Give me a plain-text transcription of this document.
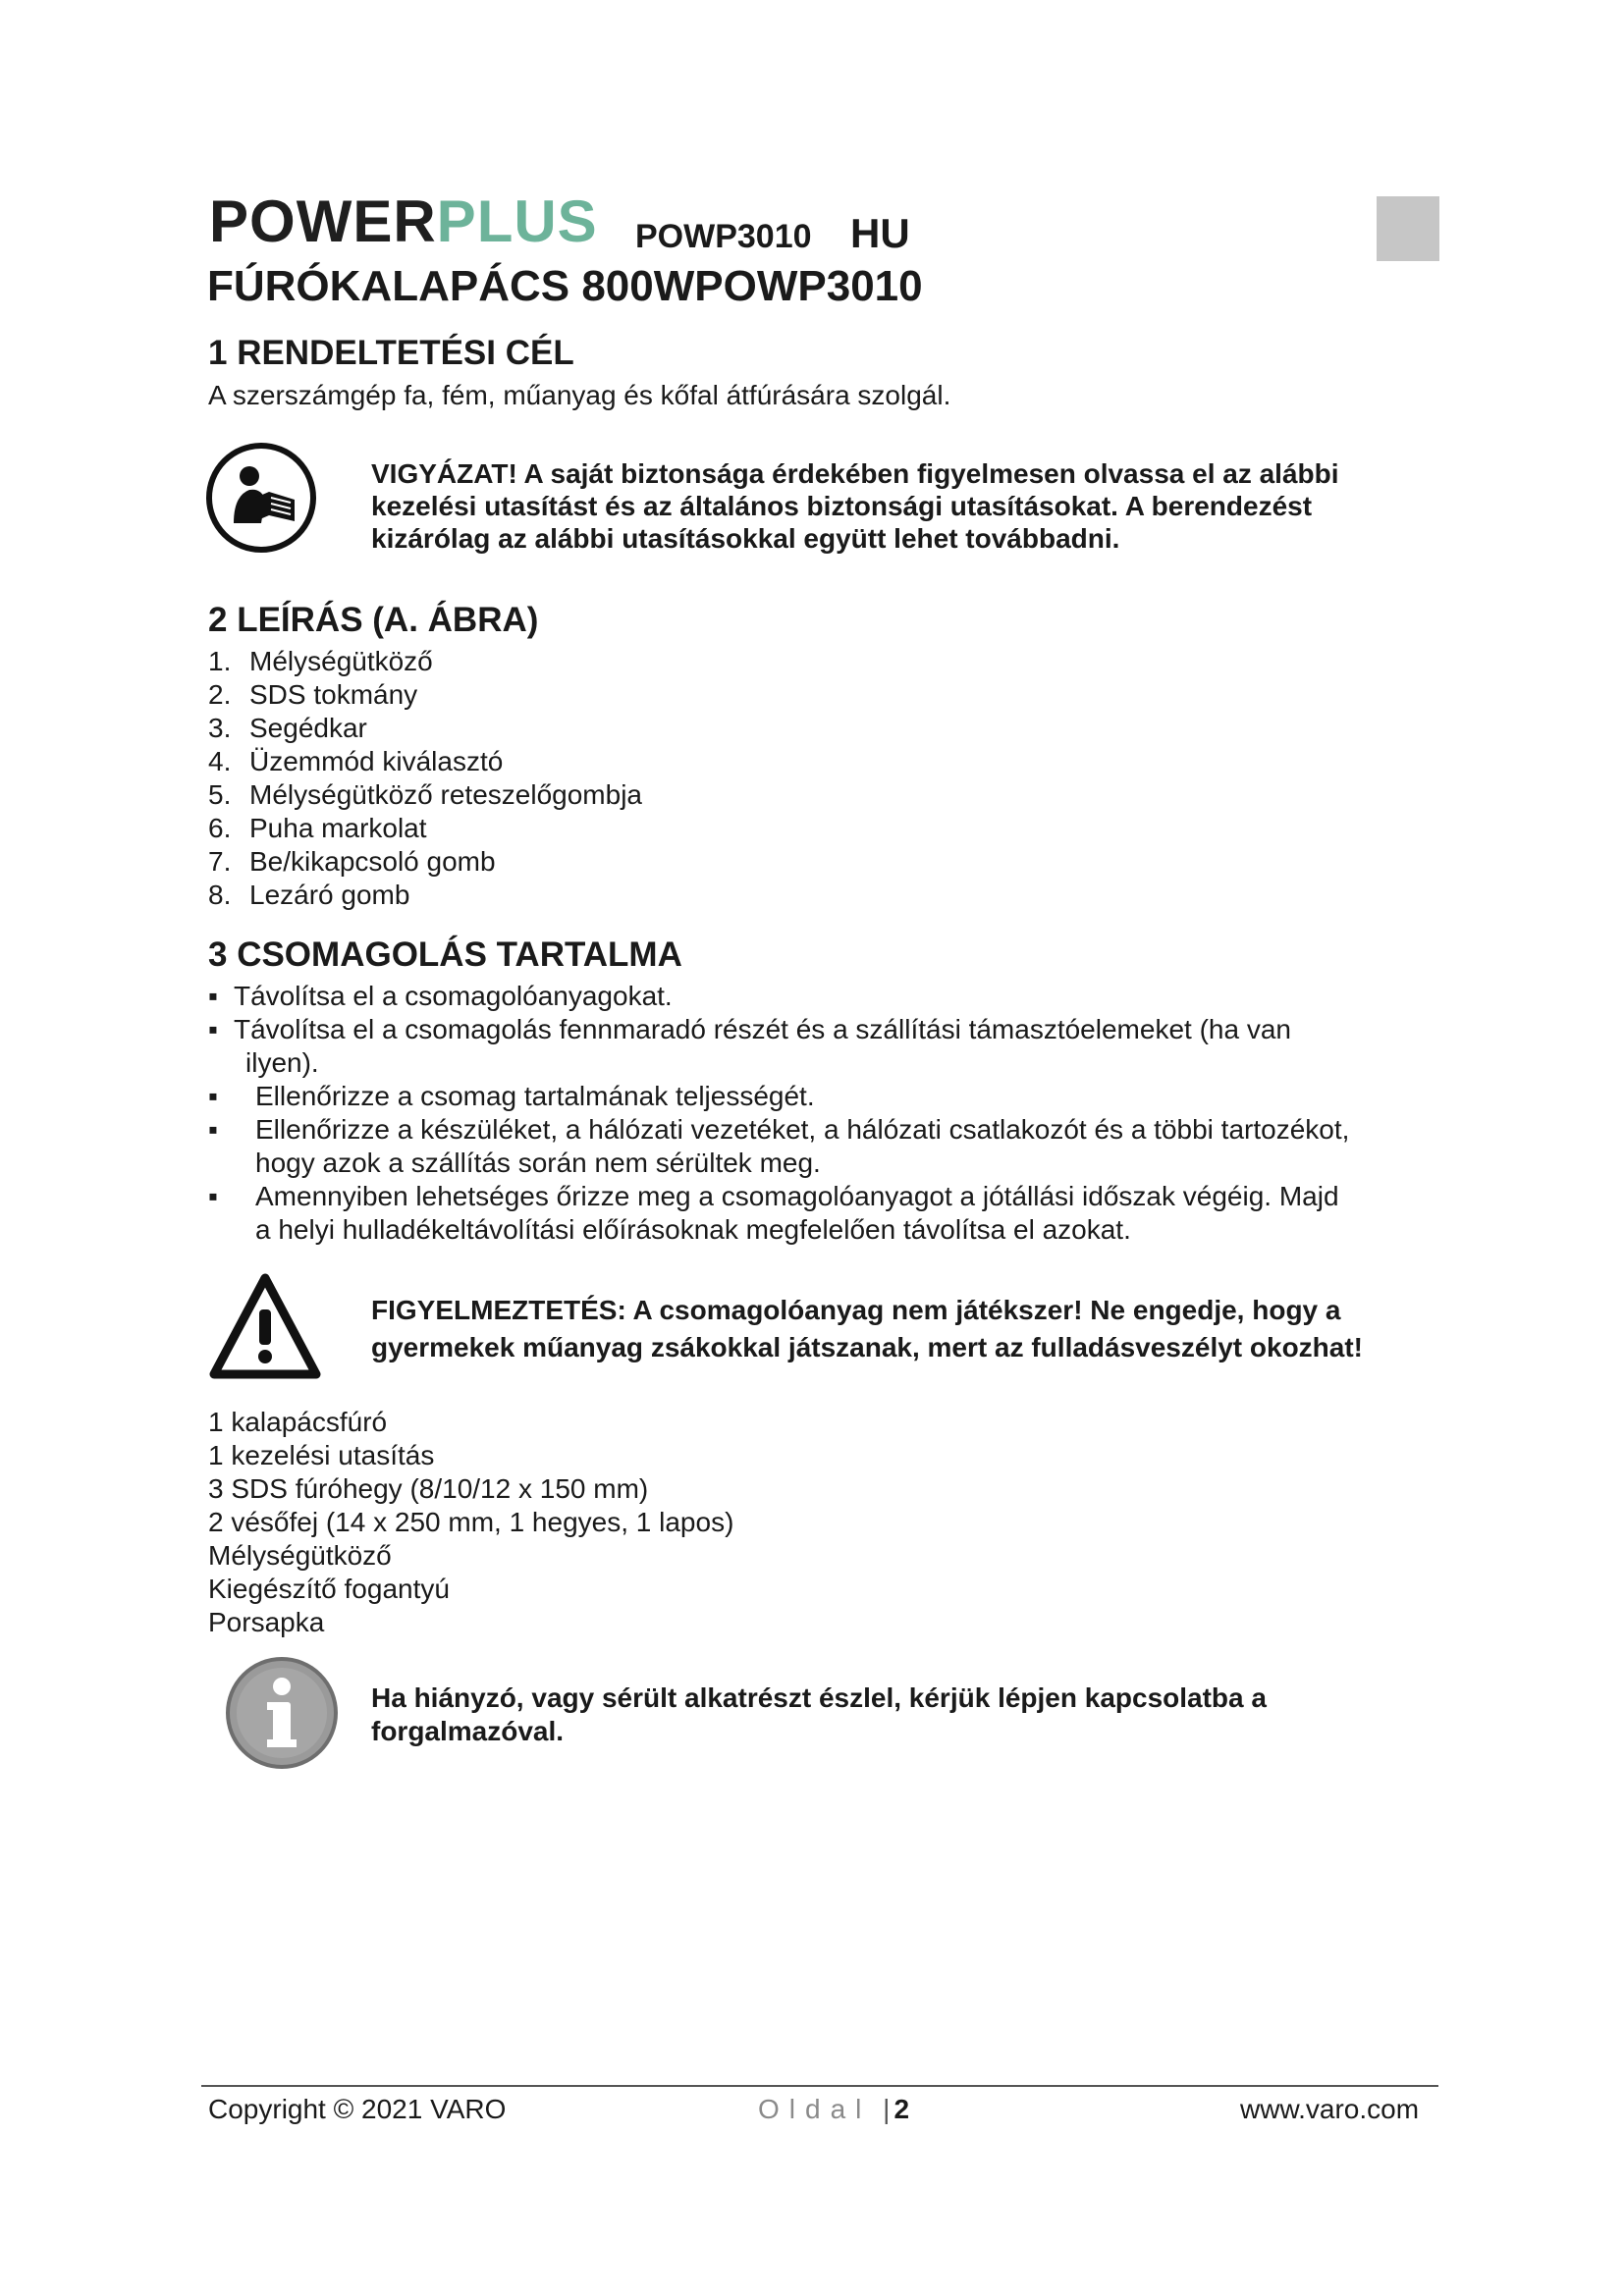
POWERPLUS POWP3010 HU
FÚRÓKALAPÁCS 800WPOWP3010
1 RENDELTETÉSI CÉL
A szerszámgép fa, fém, műanyag és kőfal átfúrására szolgál.
VIGYÁZAT! A saját biztonsága érdekében figyelmesen olvassa el az alábbi
kezelési utasítást és az általános biztonsági utasításokat. A berendezést
kizárólag az alábbi utasításokkal együtt lehet továbbadni.
2 LEÍRÁS (A. ÁBRA)
1. Mélységütköző
2. SDS tokmány
3. Segédkar
4. Üzemmód kiválasztó
5. Mélységütköző reteszelőgombja
6. Puha markolat
7. Be/kikapcsoló gomb
8. Lezáró gomb
3 CSOMAGOLÁS TARTALMA
▪ Távolítsa el a csomagolóanyagokat.
▪ Távolítsa el a csomagolás fennmaradó részét és a szállítási támasztóelemeket (ha van
ilyen).
▪	Ellenőrizze a csomag tartalmának teljességét.
▪	Ellenőrizze a készüléket, a hálózati vezetéket, a hálózati csatlakozót és a többi tartozékot,
hogy azok a szállítás során nem sérültek meg.
▪	Amennyiben lehetséges őrizze meg a csomagolóanyagot a jótállási időszak végéig. Majd
a helyi hulladékeltávolítási előírásoknak megfelelően távolítsa el azokat.
FIGYELMEZTETÉS: A csomagolóanyag nem játékszer! Ne engedje, hogy a
gyermekek műanyag zsákokkal játszanak, mert az fulladásveszélyt okozhat!
1 kalapácsfúró
1 kezelési utasítás
3 SDS fúróhegy (8/10/12 x 150 mm)
2 vésőfej (14 x 250 mm, 1 hegyes, 1 lapos)
Mélységütköző
Kiegészítő fogantyú
Porsapka
Ha hiányzó, vagy sérült alkatrészt észlel, kérjük lépjen kapcsolatba a
forgalmazóval.
Copyright © 2021 VARO	Oldal | 2	www.varo.com
